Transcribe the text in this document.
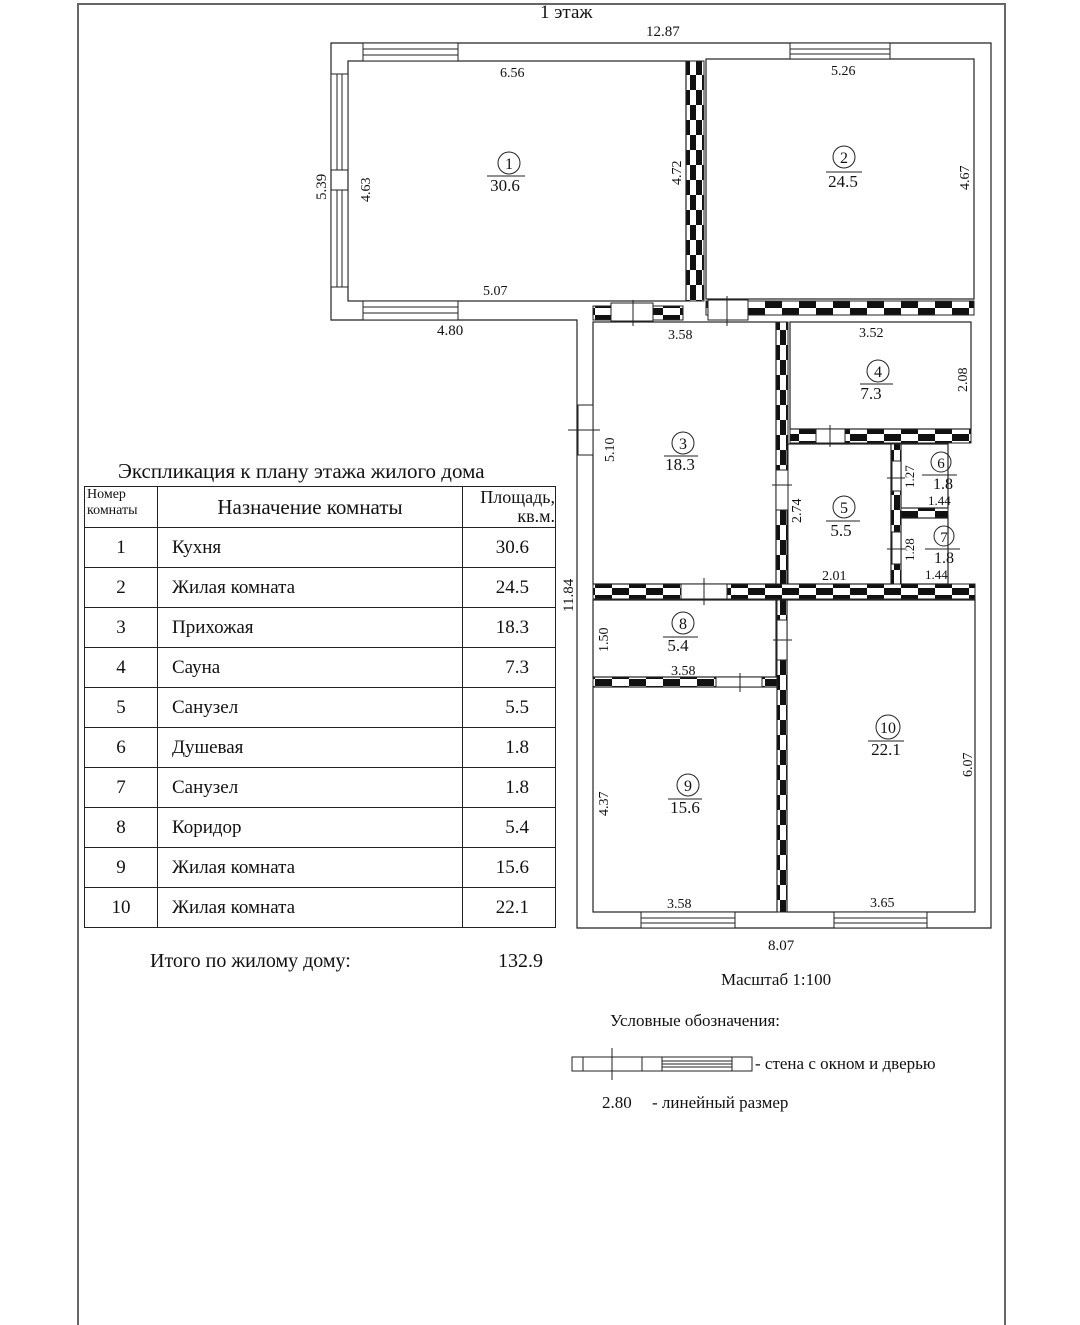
12.87
5.39
4.80
11.84
8.07
1
30.6
6.56
4.63
4.72
5.07
2
24.5
5.26
4.67
3
18.3
3.58
5.10
4
7.3
3.52
2.08
5
5.5
2.74
2.01
6
1.8
1.27
1.44
7
1.8
1.28
1.44
8
5.4
1.50
3.58
9
15.6
4.37
3.58
10
22.1
6.07
3.65
1 этаж
Экспликация к плану этажа жилого дома
Номер
комнаты	Назначение комнаты	Площадь,
кв.м.
1	Кухня	30.6
2	Жилая комната	24.5
3	Прихожая	18.3
4	Сауна	7.3
5	Санузел	5.5
6	Душевая	1.8
7	Санузел	1.8
8	Коридор	5.4
9	Жилая комната	15.6
10	Жилая комната	22.1
Итого по жилому дому:	132.9
Масштаб 1:100
Условные обозначения:
- стена с окном и дверью
2.80 - линейный размер
